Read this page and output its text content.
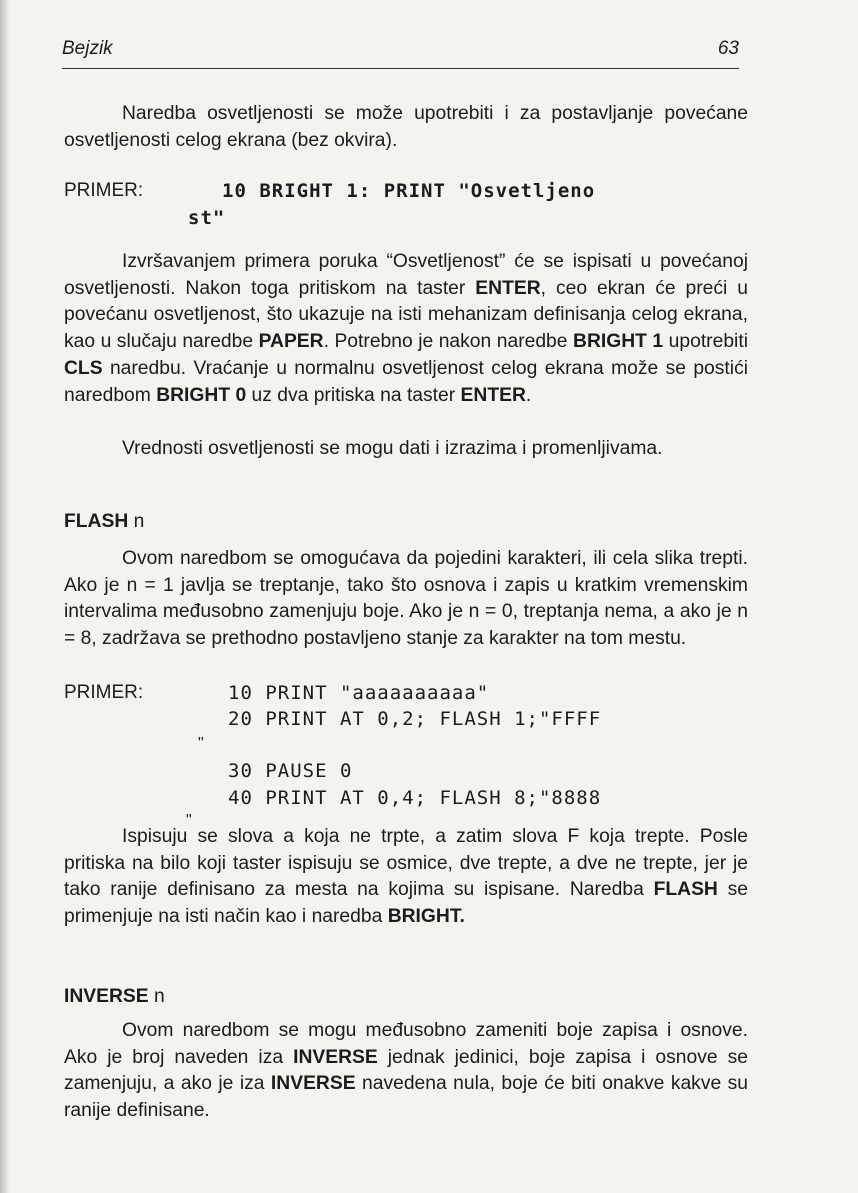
Bejzik	63
Naredba osvetljenosti se može upotrebiti i za postavljanje povećane osvetljenosti celog ekrana (bez okvira).
PRIMER:	10 BRIGHT 1: PRINT "Osvetljeno
st"
Izvršavanjem primera poruka “Osvetljenost” će se ispisati u povećanoj osvetljenosti. Nakon toga pritiskom na taster ENTER, ceo ekran će preći u povećanu osvetljenost, što ukazuje na isti mehanizam definisanja celog ekrana, kao u slučaju naredbe PAPER. Potrebno je nakon naredbe BRIGHT 1 upotrebiti CLS naredbu. Vraćanje u normalnu osvetljenost celog ekrana može se postići naredbom BRIGHT 0 uz dva pritiska na taster ENTER.
Vrednosti osvetljenosti se mogu dati i izrazima i promenljivama.
FLASH n
Ovom naredbom se omogućava da pojedini karakteri, ili cela slika trepti. Ako je n = 1 javlja se treptanje, tako što osnova i zapis u kratkim vremenskim intervalima međusobno zamenjuju boje. Ako je n = 0, treptanja nema, a ako je n = 8, zadržava se prethodno postavljeno stanje za karakter na tom mestu.
PRIMER:	10 PRINT "aaaaaaaaaa"
20 PRINT AT 0,2; FLASH 1;"FFFF
"
30 PAUSE 0
40 PRINT AT 0,4; FLASH 8;"8888
"
Ispisuju se slova a koja ne trpte, a zatim slova F koja trepte. Posle pritiska na bilo koji taster ispisuju se osmice, dve trepte, a dve ne trepte, jer je tako ranije definisano za mesta na kojima su ispisane. Naredba FLASH se primenjuje na isti način kao i naredba BRIGHT.
INVERSE n
Ovom naredbom se mogu međusobno zameniti boje zapisa i osnove. Ako je broj naveden iza INVERSE jednak jedinici, boje zapisa i osnove se zamenjuju, a ako je iza INVERSE navedena nula, boje će biti onakve kakve su ranije definisane.
